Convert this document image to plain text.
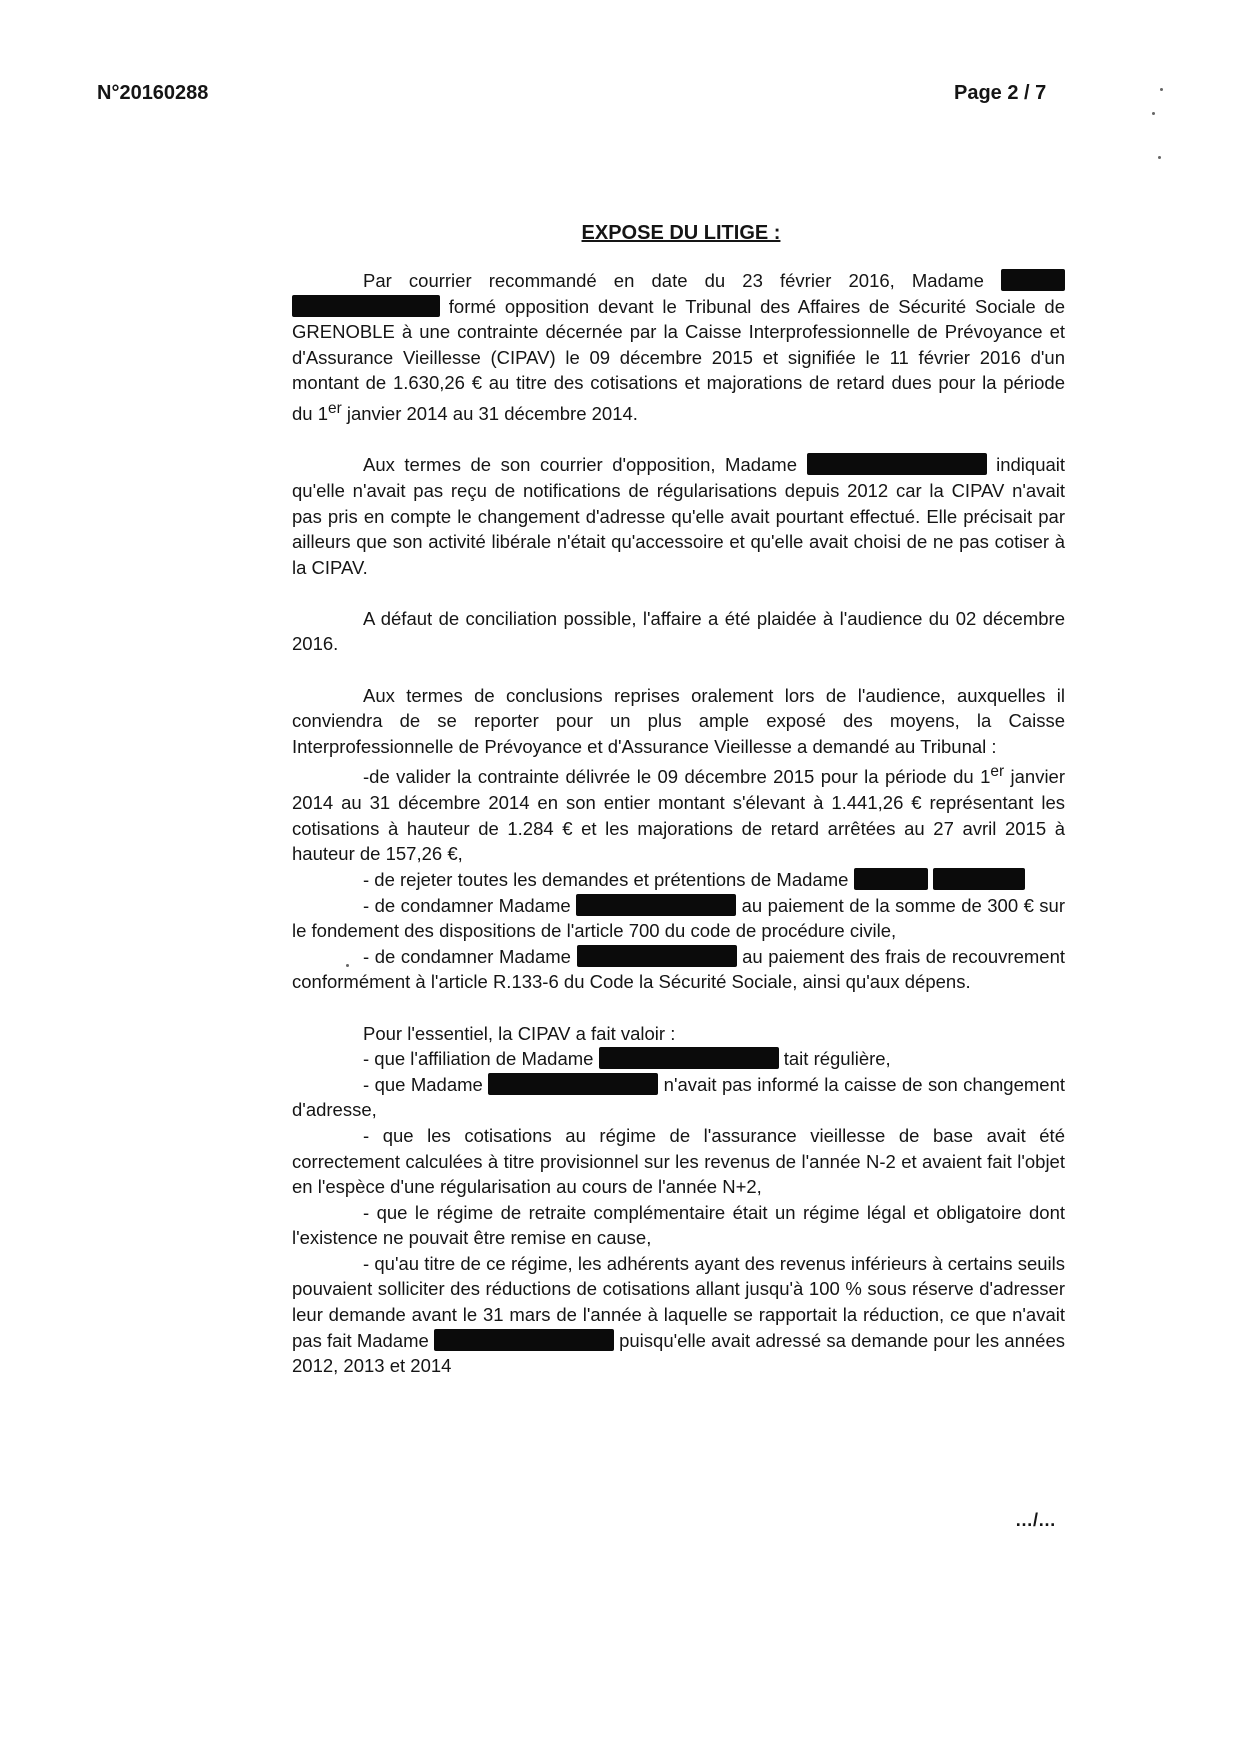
N°20160288	Page 2 / 7
EXPOSE DU LITIGE :

Par courrier recommandé en date du 23 février 2016, Madame   formé opposition devant le Tribunal des Affaires de Sécurité Sociale de GRENOBLE à une contrainte décernée par la Caisse Interprofessionnelle de Prévoyance et d'Assurance Vieillesse (CIPAV) le 09 décembre 2015 et signifiée le 11 février 2016 d'un montant de 1.630,26 € au titre des cotisations et majorations de retard dues pour la période du 1er janvier 2014 au 31 décembre 2014.

Aux termes de son courrier d'opposition, Madame	indiquait qu'elle n'avait pas reçu de notifications de régularisations depuis 2012 car la CIPAV n'avait pas pris en compte le changement d'adresse qu'elle avait pourtant effectué. Elle précisait par ailleurs que son activité libérale n'était qu'accessoire et qu'elle avait choisi de ne pas cotiser à la CIPAV.

A défaut de conciliation possible, l'affaire a été plaidée à l'audience du 02 décembre 2016.

Aux termes de conclusions reprises oralement lors de l'audience, auxquelles il conviendra de se reporter pour un plus ample exposé des moyens, la Caisse Interprofessionnelle de Prévoyance et d'Assurance Vieillesse a demandé au Tribunal :

-de valider la contrainte délivrée le 09 décembre 2015 pour la période du 1er janvier 2014 au 31 décembre 2014 en son entier montant s'élevant à 1.441,26 € représentant les cotisations à hauteur de 1.284 € et les majorations de retard arrêtées au 27 avril 2015 à hauteur de 157,26 €,

- de rejeter toutes les demandes et prétentions de Madame

- de condamner Madame	au paiement de la somme de 300 € sur le fondement des dispositions de l'article 700 du code de procédure civile,

- de condamner Madame	au paiement des frais de recouvrement conformément à l'article R.133-6 du Code la Sécurité Sociale, ainsi qu'aux dépens.

Pour l'essentiel, la CIPAV a fait valoir :

- que l'affiliation de Madame	tait régulière,

- que Madame	n'avait pas informé la caisse de son changement d'adresse,

- que les cotisations au régime de l'assurance vieillesse de base avait été correctement calculées à titre provisionnel sur les revenus de l'année N-2 et avaient fait l'objet en l'espèce d'une régularisation au cours de l'année N+2,

- que le régime de retraite complémentaire était un régime légal et obligatoire dont l'existence ne pouvait être remise en cause,

- qu'au titre de ce régime, les adhérents ayant des revenus inférieurs à certains seuils pouvaient solliciter des réductions de cotisations allant jusqu'à 100 % sous réserve d'adresser leur demande avant le 31 mars de l'année à laquelle se rapportait la réduction, ce que n'avait pas fait Madame	puisqu'elle avait adressé sa demande pour les années 2012, 2013 et 2014

…/…
